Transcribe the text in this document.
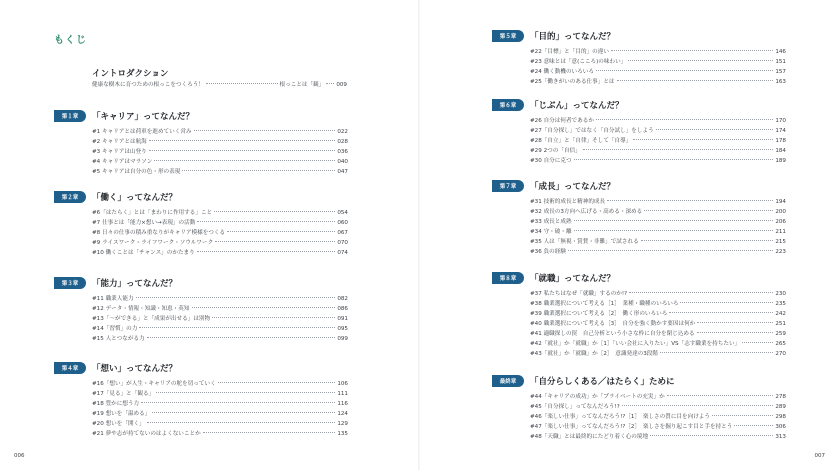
もくじ
イントロダクション
健康な樹木に育つための根っこをつくろう！	根っことは「観」 009
第１章	「キャリア」ってなんだ？
#1 キャリアとは荷車を進めていく営み	022
#2 キャリアとは航海	028
#3 キャリアは山登り	036
#4 キャリアはマラソン	040
#5 キャリアは自分の色・形の表現	047
第２章	「働く」ってなんだ？
#6「はたらく」とは「まわりに作用する」こと	054
#7 仕事とは「能力×想い→表現」の活動	060
#8 日々の仕事の積み重なりがキャリア模様をつくる	067
#9 ライスワーク・ライフワーク・ソウルワーク	070
#10 働くことは「チャンス」のかたまり	074
第３章	「能力」ってなんだ？
#11 職業人能力	082
#12 データ・情報・知識・知恵・英知	086
#13「〜ができる」と「成果が出せる」は別物	091
#14「習慣」の力	095
#15 人とつながる力	099
第４章	「想い」ってなんだ？
#16「想い」が人生・キャリアの舵を切っていく	106
#17「見る」と「観る」	111
#18 豊かに想う力	116
#19 想いを「温める」	124
#20 想いを「開く」	129
#21 夢や志が持てないのはよくないことか	135
006
第５章	「目的」ってなんだ？
#22「目標」と「目的」の違い	146
#23 意味とは「意(こころ)の味わい」	151
#24 働く動機のいろいろ	157
#25「働きがいのある仕事」とは	163
第６章	「じぶん」ってなんだ？
#26 自分は何者であるか	170
#27「自分探し」ではなく「自分試し」をしよう	174
#28「自立」と「自律」そして「自導」	178
#29 2つの「自信」	184
#30 自分に克つ	189
第７章	「成長」ってなんだ？
#31 技術的成長と精神的成長	194
#32 成長の3方向へ広げる・高める・深める	200
#33 成長と成熟	206
#34 守・破・離	211
#35 人は「無視・賞賛・非難」で試される	215
#36 負の経験	223
第８章	「就職」ってなんだ？
#37 私たちはなぜ「就職」するのか!?	230
#38 職業選択について考える［1］　業種・職種のいろいろ	235
#39 職業選択について考える［2］　働く形のいろいろ	242
#40 職業選択について考える［3］　自分を強く動かす要因は何か	251
#41 適職探しの罠　自己分析という小さな枠に自分を閉じ込める	259
#42「就社」か「就職」か［1］「いい会社に入りたい」VS「志す職業を持ちたい」	265
#43「就社」か「就職」か［2］　意識発達の3段階	270
最終章	「自分らしくある／はたらく」ために
#44「キャリアの成功」か「プライベートの充実」か	278
#45「自分探し」ってなんだろう!?	289
#46「楽しい仕事」ってなんだろう!?［1］　楽しさの質に目を向けよう	298
#47「楽しい仕事」ってなんだろう!?［2］　楽しさを掘り起こす目と手を持とう	306
#48「天職」とは最終的にたどり着く心の境地	313
007
